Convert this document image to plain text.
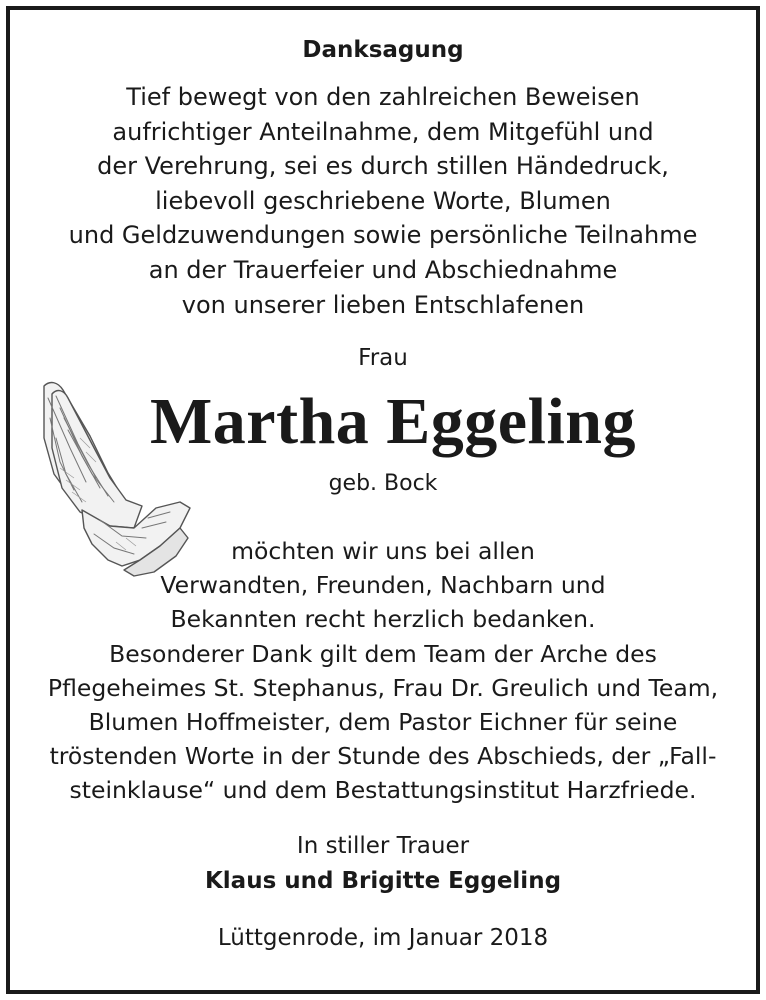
Danksagung
Tief bewegt von den zahlreichen Beweisen
aufrichtiger Anteilnahme, dem Mitgefühl und
der Verehrung, sei es durch stillen Händedruck,
liebevoll geschriebene Worte, Blumen
und Geldzuwendungen sowie persönliche Teilnahme
an der Trauerfeier und Abschiednahme
von unserer lieben Entschlafenen
Frau
Martha Eggeling
geb. Bock
möchten wir uns bei allen
Verwandten, Freunden, Nachbarn und
Bekannten recht herzlich bedanken.
Besonderer Dank gilt dem Team der Arche des
Pflegeheimes St. Stephanus, Frau Dr. Greulich und Team,
Blumen Hoffmeister, dem Pastor Eichner für seine
tröstenden Worte in der Stunde des Abschieds, der „Fall-
steinklause“ und dem Bestattungsinstitut Harzfriede.
In stiller Trauer
Klaus und Brigitte Eggeling
Lüttgenrode, im Januar 2018
